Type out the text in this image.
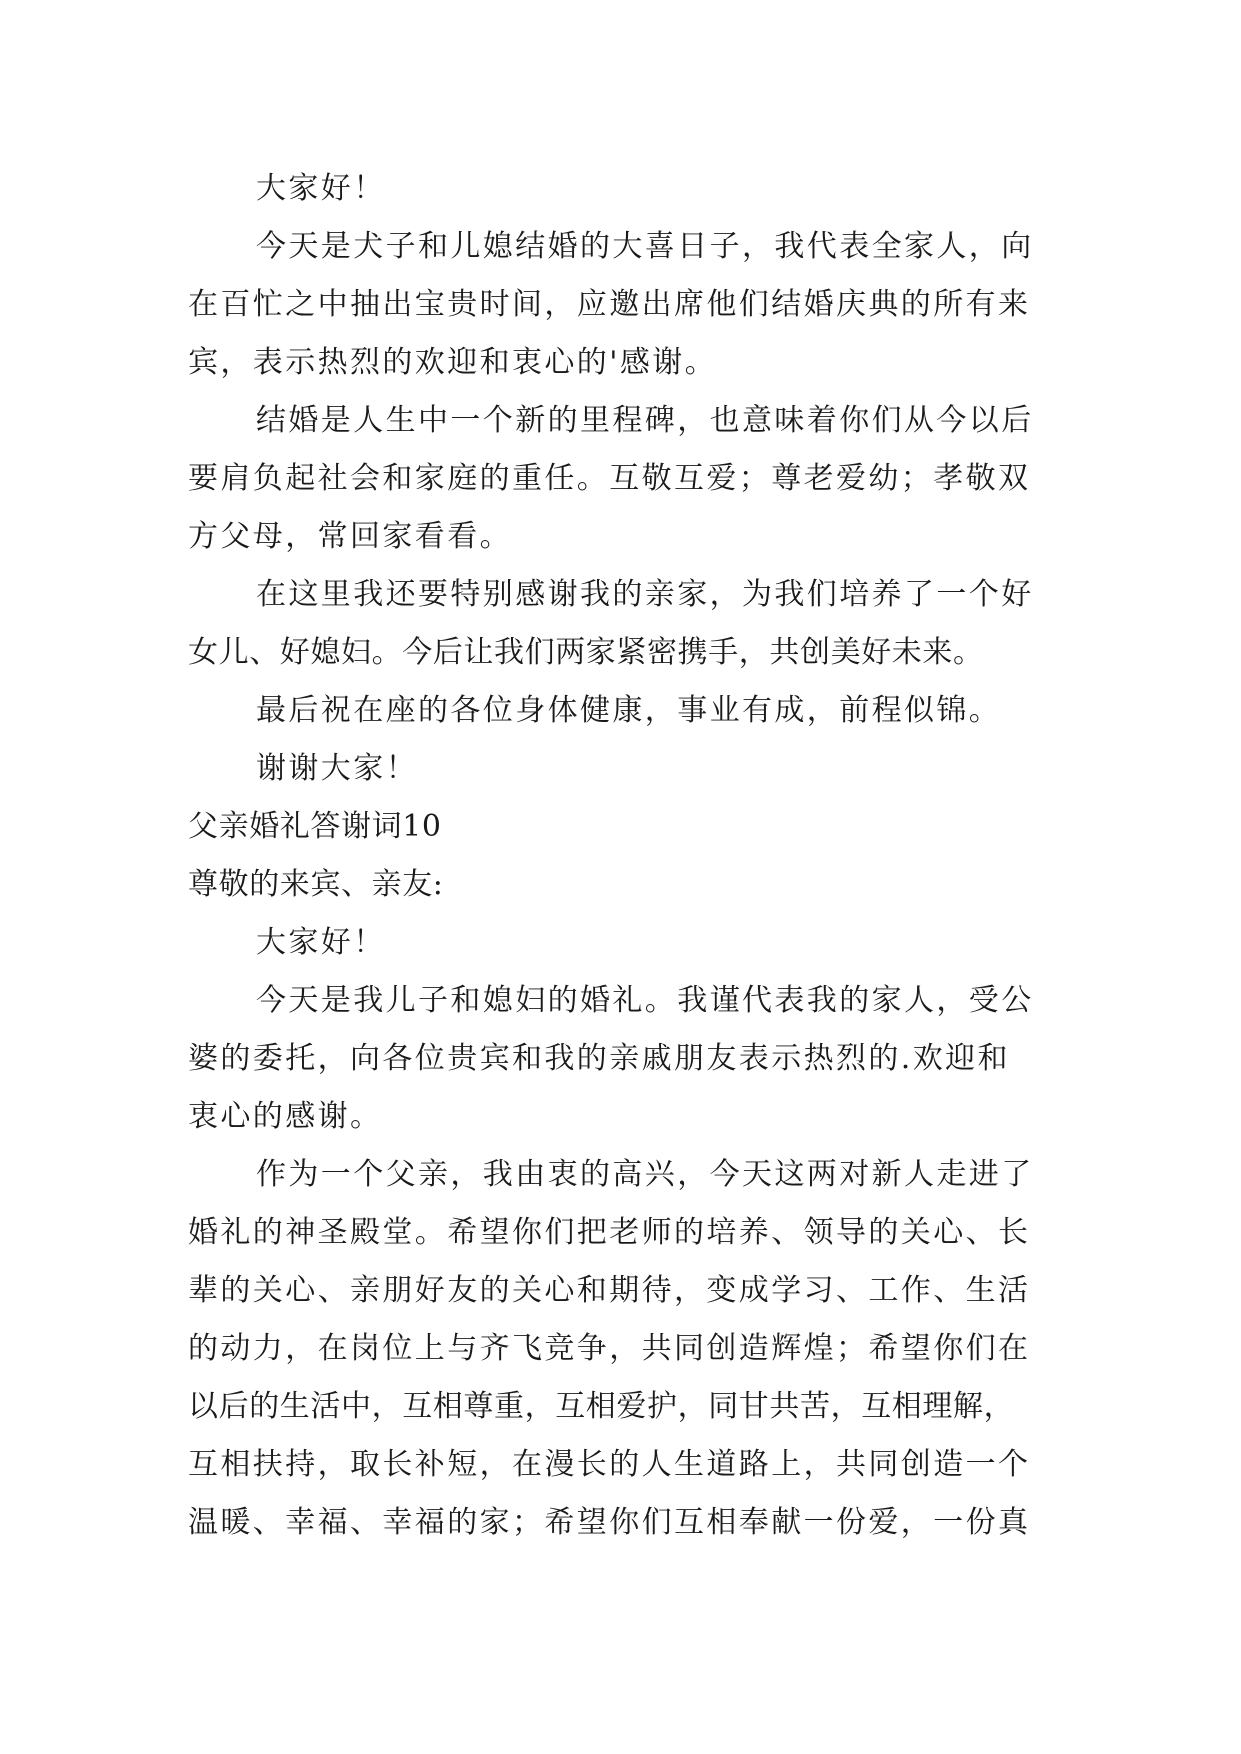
大家好！
今天是犬子和儿媳结婚的大喜日子，我代表全家人，向
在百忙之中抽出宝贵时间，应邀出席他们结婚庆典的所有来
宾，表示热烈的欢迎和衷心的'感谢。
结婚是人生中一个新的里程碑，也意味着你们从今以后
要肩负起社会和家庭的重任。互敬互爱；尊老爱幼；孝敬双
方父母，常回家看看。
在这里我还要特别感谢我的亲家，为我们培养了一个好
女儿、好媳妇。今后让我们两家紧密携手，共创美好未来。
最后祝在座的各位身体健康，事业有成，前程似锦。
谢谢大家！
父亲婚礼答谢词10
尊敬的来宾、亲友:
大家好！
今天是我儿子和媳妇的婚礼。我谨代表我的家人，受公
婆的委托，向各位贵宾和我的亲戚朋友表示热烈的.欢迎和
衷心的感谢。
作为一个父亲，我由衷的高兴，今天这两对新人走进了
婚礼的神圣殿堂。希望你们把老师的培养、领导的关心、长
辈的关心、亲朋好友的关心和期待，变成学习、工作、生活
的动力，在岗位上与齐飞竞争，共同创造辉煌；希望你们在
以后的生活中，互相尊重，互相爱护，同甘共苦，互相理解，
互相扶持，取长补短，在漫长的人生道路上，共同创造一个
温暖、幸福、幸福的家；希望你们互相奉献一份爱，一份真
